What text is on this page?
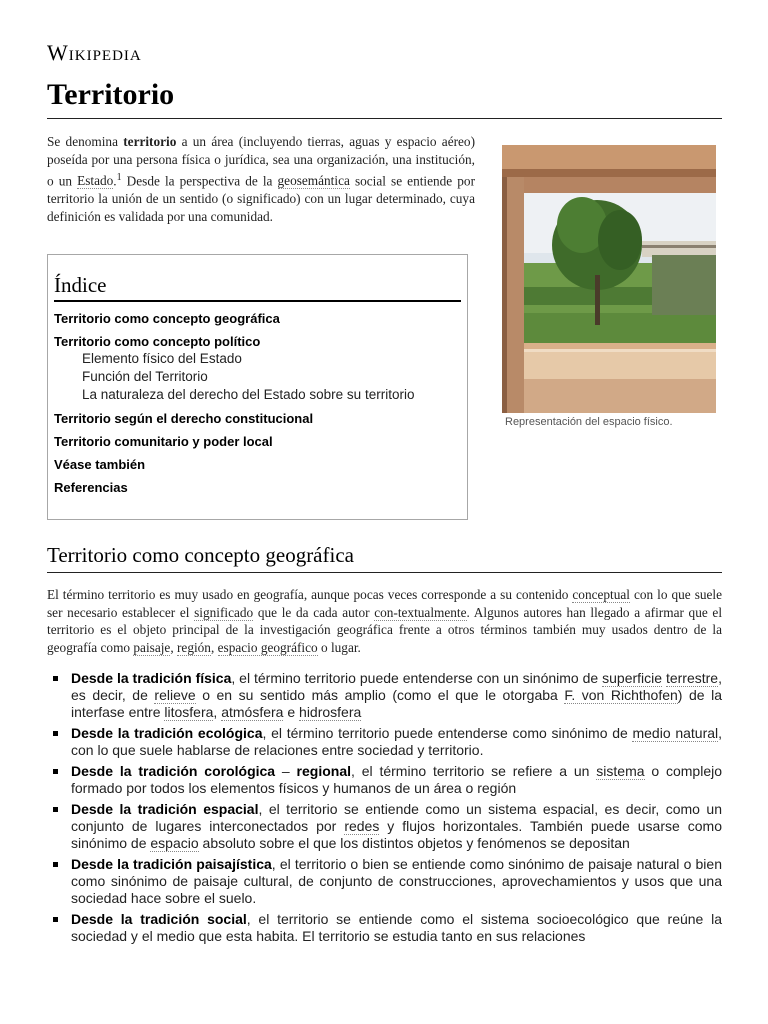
Wikipedia
Territorio
Se denomina territorio a un área (incluyendo tierras, aguas y espacio aéreo) poseída por una persona física o jurídica, sea una organización, una institución, o un Estado.$^1$ Desde la perspectiva de la geosemántica social se entiende por territorio la unión de un sentido (o significado) con un lugar determinado, cuya definición es validada por una comunidad.
Representación del espacio físico.
Índice
Territorio como concepto geográfica
Territorio como concepto político
Elemento físico del Estado
Función del Territorio
La naturaleza del derecho del Estado sobre su territorio
Territorio según el derecho constitucional
Territorio comunitario y poder local
Véase también
Referencias
Territorio como concepto geográfica
El término territorio es muy usado en geografía, aunque pocas veces corresponde a su contenido conceptual con lo que suele ser necesario establecer el significado que le da cada autor con-textualmente. Algunos autores han llegado a afirmar que el territorio es el objeto principal de la investigación geográfica frente a otros términos también muy usados dentro de la geografía como paisaje, región, espacio geográfico o lugar.
Desde la tradición física, el término territorio puede entenderse con un sinónimo de superficie terrestre, es decir, de relieve o en su sentido más amplio (como el que le otorgaba F. von Richthofen) de la interfase entre litosfera, atmósfera e hidrosfera
Desde la tradición ecológica, el término territorio puede entenderse como sinónimo de medio natural, con lo que suele hablarse de relaciones entre sociedad y territorio.
Desde la tradición corológica – regional, el término territorio se refiere a un sistema o complejo formado por todos los elementos físicos y humanos de un área o región
Desde la tradición espacial, el territorio se entiende como un sistema espacial, es decir, como un conjunto de lugares interconectados por redes y flujos horizontales. También puede usarse como sinónimo de espacio absoluto sobre el que los distintos objetos y fenómenos se depositan
Desde la tradición paisajística, el territorio o bien se entiende como sinónimo de paisaje natural o bien como sinónimo de paisaje cultural, de conjunto de construcciones, aprovechamientos y usos que una sociedad hace sobre el suelo.
Desde la tradición social, el territorio se entiende como el sistema socioecológico que reúne la sociedad y el medio que esta habita. El territorio se estudia tanto en sus relaciones
